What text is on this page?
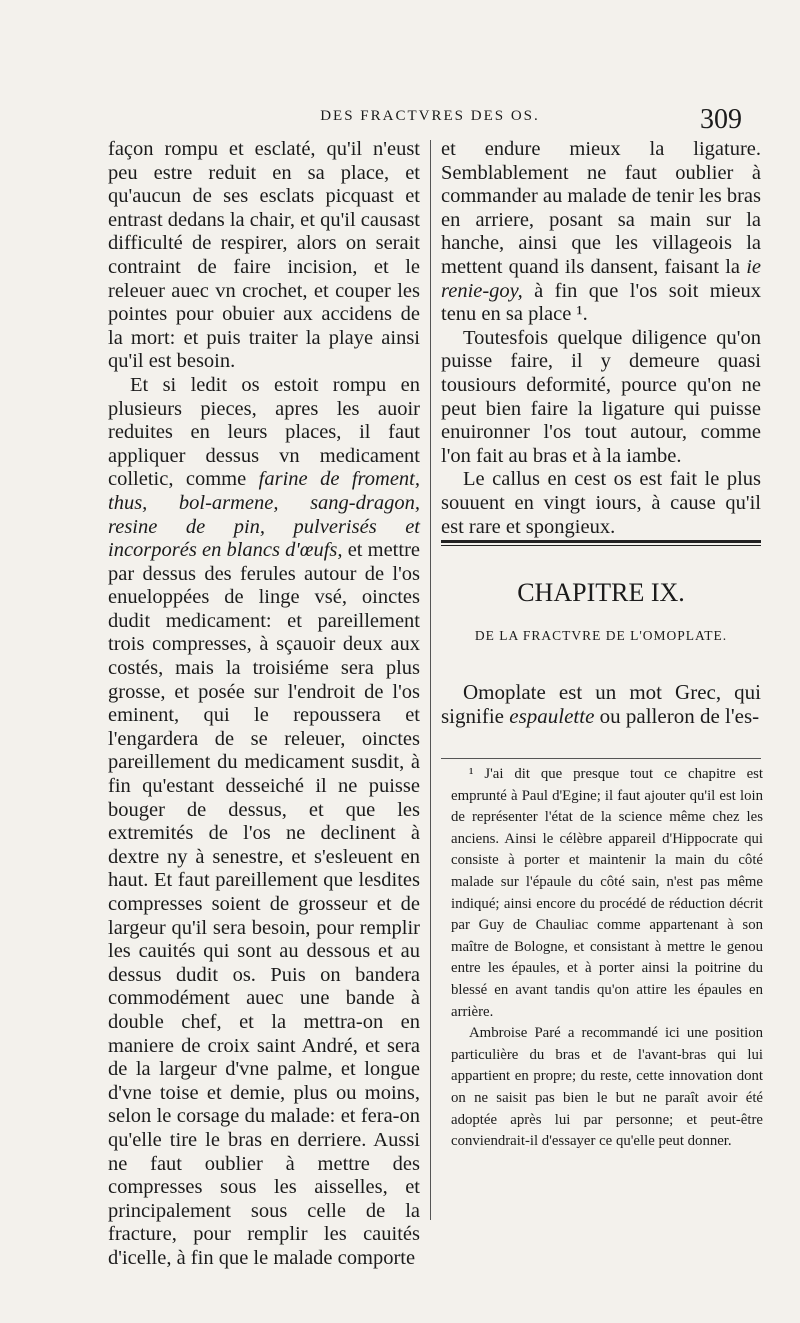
DES FRACTVRES DES OS.	309

façon rompu et esclaté, qu'il n'eust peu estre reduit en sa place, et qu'aucun de ses esclats picquast et entrast dedans la chair, et qu'il causast difficulté de respirer, alors on serait contraint de faire incision, et le releuer auec vn crochet, et couper les pointes pour obuier aux accidens de la mort: et puis traiter la playe ainsi qu'il est besoin.

Et si ledit os estoit rompu en plusieurs pieces, apres les auoir reduites en leurs places, il faut appliquer dessus vn medicament colletic, comme farine de froment, thus, bol-armene, sang-dragon, resine de pin, pulverisés et incorporés en blancs d'œufs, et mettre par dessus des ferules autour de l'os enueloppées de linge vsé, oinctes dudit medicament: et pareillement trois compresses, à sçauoir deux aux costés, mais la troisiéme sera plus grosse, et posée sur l'endroit de l'os eminent, qui le repoussera et l'engardera de se releuer, oinctes pareillement du medicament susdit, à fin qu'estant desseiché il ne puisse bouger de dessus, et que les extremités de l'os ne declinent à dextre ny à senestre, et s'esleuent en haut. Et faut pareillement que lesdites compresses soient de grosseur et de largeur qu'il sera besoin, pour remplir les cauités qui sont au dessous et au dessus dudit os. Puis on bandera commodément auec une bande à double chef, et la mettra-on en maniere de croix saint André, et sera de la largeur d'vne palme, et longue d'vne toise et demie, plus ou moins, selon le corsage du malade: et fera-on qu'elle tire le bras en derriere. Aussi ne faut oublier à mettre des compresses sous les aisselles, et principalement sous celle de la fracture, pour remplir les cauités d'icelle, à fin que le malade comporte

et endure mieux la ligature. Semblablement ne faut oublier à commander au malade de tenir les bras en arriere, posant sa main sur la hanche, ainsi que les villageois la mettent quand ils dansent, faisant la ie renie-goy, à fin que l'os soit mieux tenu en sa place ¹.

Toutesfois quelque diligence qu'on puisse faire, il y demeure quasi tousiours deformité, pource qu'on ne peut bien faire la ligature qui puisse enuironner l'os tout autour, comme l'on fait au bras et à la iambe.

Le callus en cest os est fait le plus souuent en vingt iours, à cause qu'il est rare et spongieux.

CHAPITRE IX.
DE LA FRACTVRE DE L'OMOPLATE.

Omoplate est un mot Grec, qui signifie espaulette ou palleron de l'es-

¹ J'ai dit que presque tout ce chapitre est emprunté à Paul d'Egine; il faut ajouter qu'il est loin de représenter l'état de la science même chez les anciens. Ainsi le célèbre appareil d'Hippocrate qui consiste à porter et maintenir la main du côté malade sur l'épaule du côté sain, n'est pas même indiqué; ainsi encore du procédé de réduction décrit par Guy de Chauliac comme appartenant à son maître de Bologne, et consistant à mettre le genou entre les épaules, et à porter ainsi la poitrine du blessé en avant tandis qu'on attire les épaules en arrière.

Ambroise Paré a recommandé ici une position particulière du bras et de l'avant-bras qui lui appartient en propre; du reste, cette innovation dont on ne saisit pas bien le but ne paraît avoir été adoptée après lui par personne; et peut-être conviendrait-il d'essayer ce qu'elle peut donner.
